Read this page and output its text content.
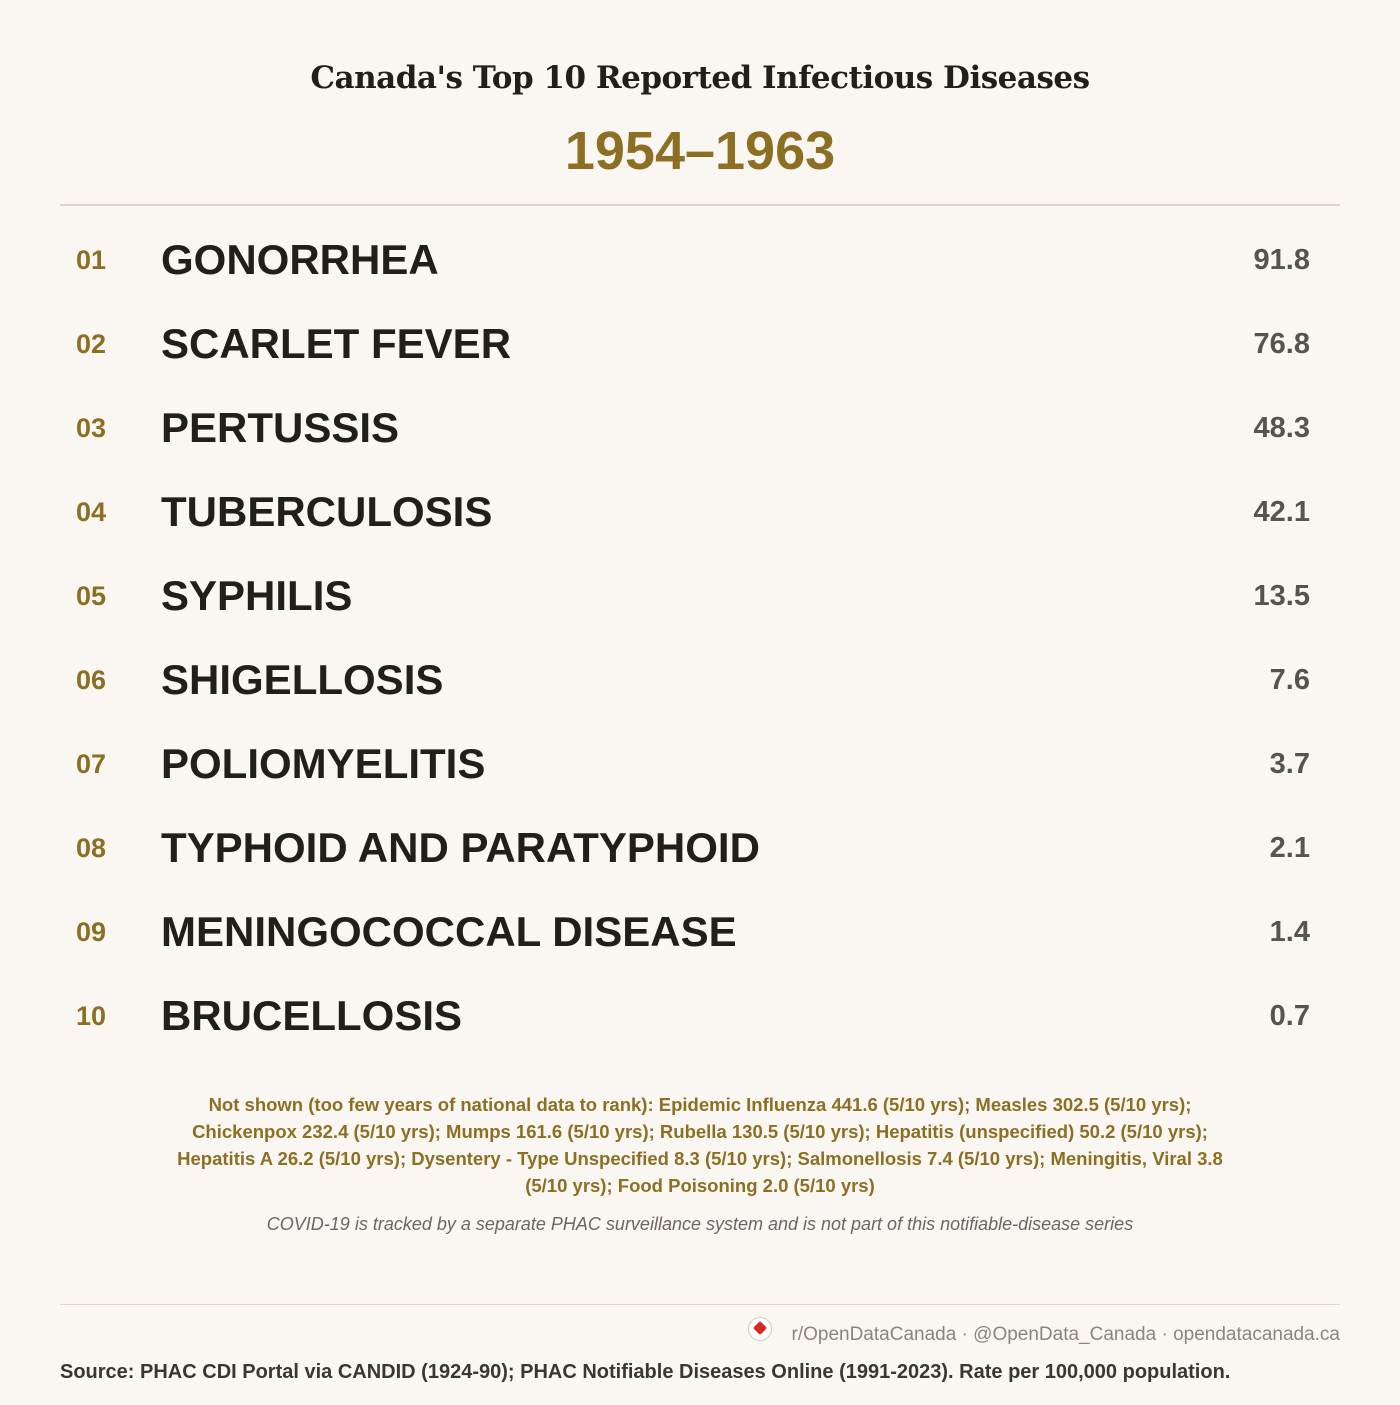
Canada's Top 10 Reported Infectious Diseases
1954–1963
01	GONORRHEA	91.8
02	SCARLET FEVER	76.8
03	PERTUSSIS	48.3
04	TUBERCULOSIS	42.1
05	SYPHILIS	13.5
06	SHIGELLOSIS	7.6
07	POLIOMYELITIS	3.7
08	TYPHOID AND PARATYPHOID	2.1
09	MENINGOCOCCAL DISEASE	1.4
10	BRUCELLOSIS	0.7
Not shown (too few years of national data to rank): Epidemic Influenza 441.6 (5/10 yrs); Measles 302.5 (5/10 yrs); Chickenpox 232.4 (5/10 yrs); Mumps 161.6 (5/10 yrs); Rubella 130.5 (5/10 yrs); Hepatitis (unspecified) 50.2 (5/10 yrs); Hepatitis A 26.2 (5/10 yrs); Dysentery - Type Unspecified 8.3 (5/10 yrs); Salmonellosis 7.4 (5/10 yrs); Meningitis, Viral 3.8 (5/10 yrs); Food Poisoning 2.0 (5/10 yrs)
COVID-19 is tracked by a separate PHAC surveillance system and is not part of this notifiable-disease series
r/OpenDataCanada · @OpenData_Canada · opendatacanada.ca
Source: PHAC CDI Portal via CANDID (1924-90); PHAC Notifiable Diseases Online (1991-2023). Rate per 100,000 population.
